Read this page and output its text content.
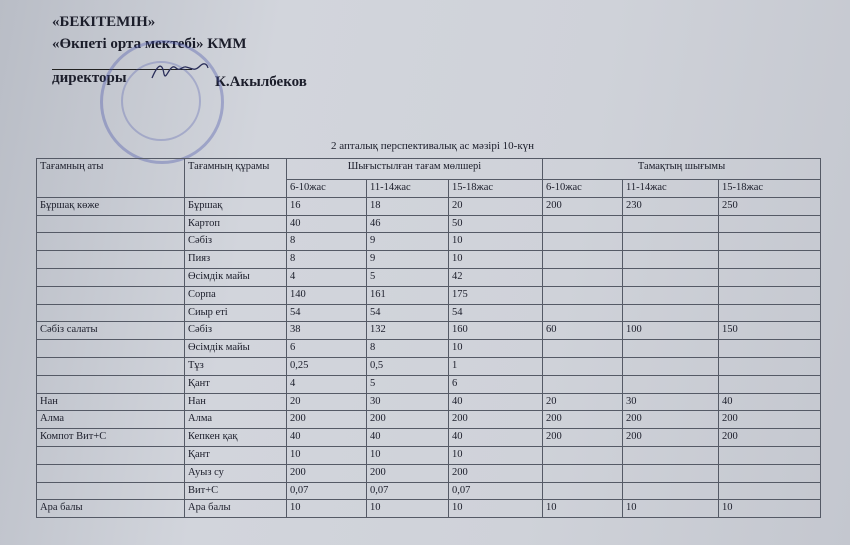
«БЕКІТЕМІН»
«Өкпеті орта мектебі» КММ
директоры	К.Акылбеков
2 апталық перспективалық ас мәзірі 10-күн
Тағамның аты	Тағамның құрамы	Шығыстылған тағам мөлшері			Тамақтың шығымы		
		6-10жас	11-14жас	15-18жас	6-10жас	11-14жас	15-18жас
Бұршақ көже	Бұршақ	16	18	20	200	230	250
	Картоп	40	46	50			
	Сәбіз	8	9	10			
	Пияз	8	9	10			
	Өсімдік майы	4	5	42			
	Сорпа	140	161	175			
	Сиыр еті	54	54	54			
Сәбіз салаты	Сәбіз	38	132	160	60	100	150
	Өсімдік майы	6	8	10			
	Тұз	0,25	0,5	1			
	Қант	4	5	6			
Нан	Нан	20	30	40	20	30	40
Алма	Алма	200	200	200	200	200	200
Компот Вит+С	Кепкен қақ	40	40	40	200	200	200
	Қант	10	10	10			
	Ауыз су	200	200	200			
	Вит+С	0,07	0,07	0,07			
Ара балы	Ара балы	10	10	10	10	10	10
